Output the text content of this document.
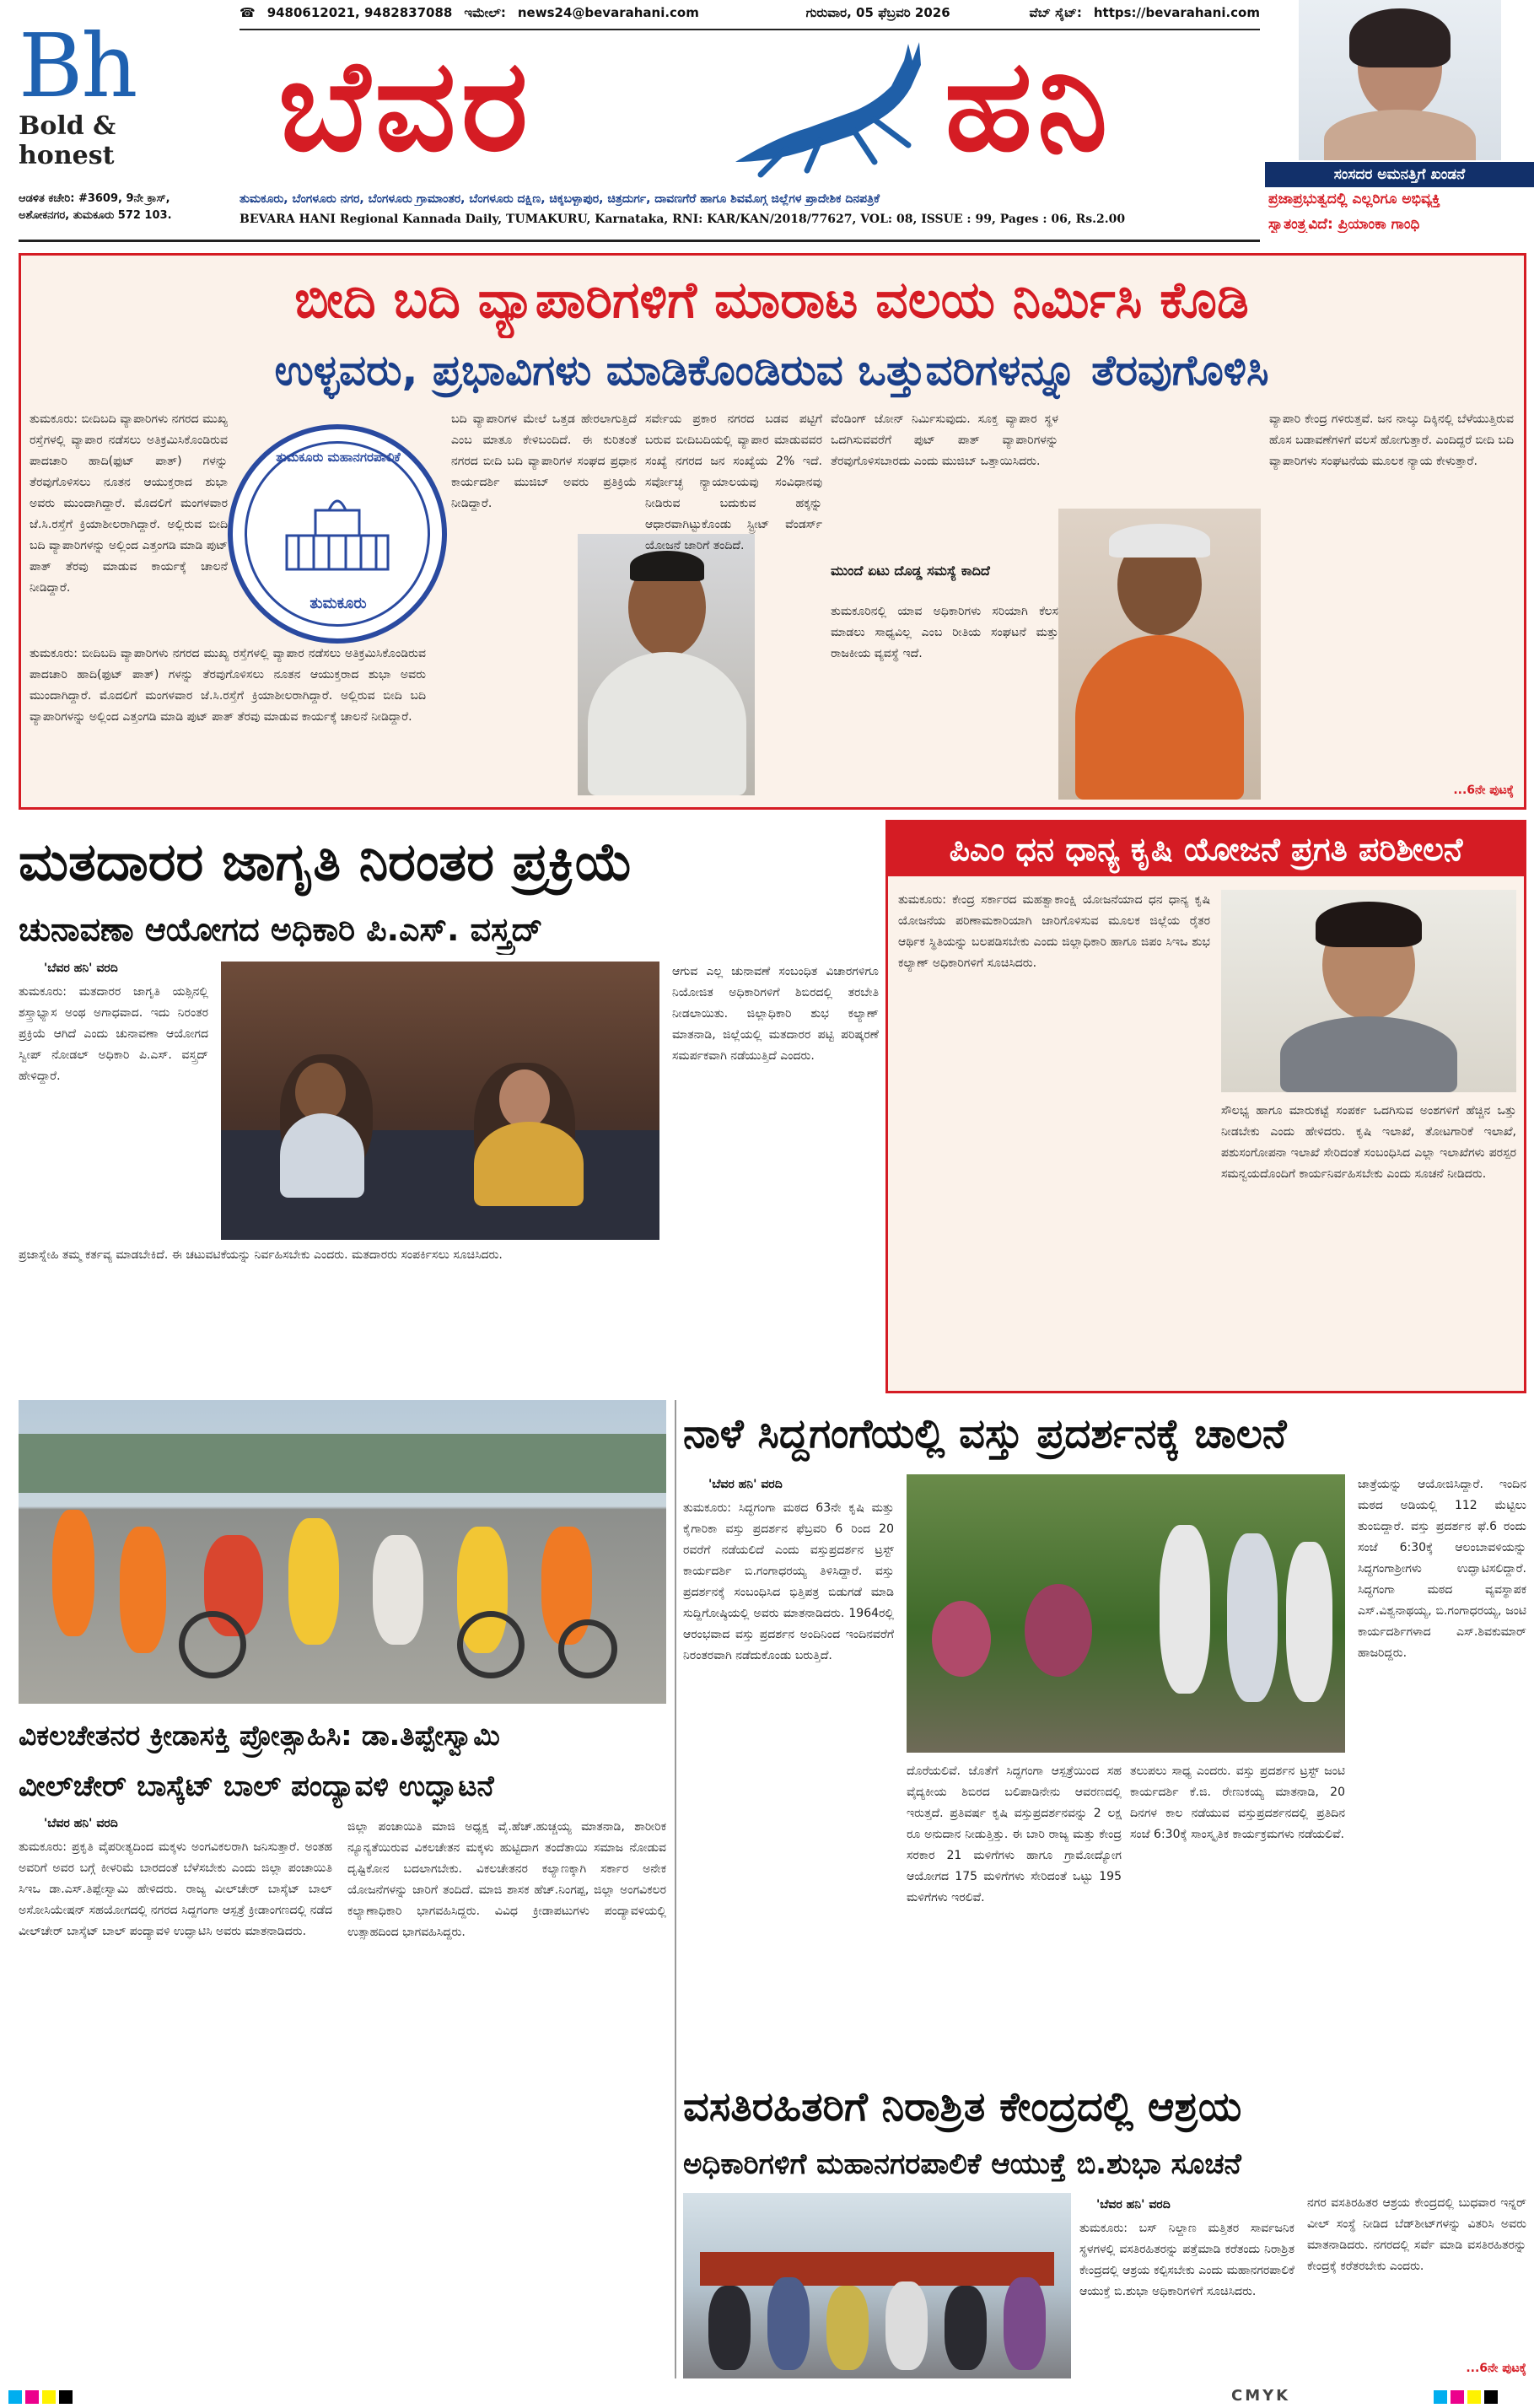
Bh
Bold & honest
☎ 9480612021, 9482837088 ಇಮೇಲ್: news24@bevarahani.com	ಗುರುವಾರ, 05 ಫೆಬ್ರವರಿ 2026	ವೆಬ್ ಸೈಟ್: https://bevarahani.com
ಬೆವರ	ಹನಿ
ಆಡಳಿತ ಕಚೇರಿ: #3609, 9ನೇ ಕ್ರಾಸ್,
ಅಶೋಕನಗರ, ತುಮಕೂರು 572 103.
ತುಮಕೂರು, ಬೆಂಗಳೂರು ನಗರ, ಬೆಂಗಳೂರು ಗ್ರಾಮಾಂತರ, ಬೆಂಗಳೂರು ದಕ್ಷಿಣ, ಚಿಕ್ಕಬಳ್ಳಾಪುರ, ಚಿತ್ರದುರ್ಗ, ದಾವಣಗೆರೆ ಹಾಗೂ ಶಿವಮೊಗ್ಗ ಜಿಲ್ಲೆಗಳ ಪ್ರಾದೇಶಿಕ ದಿನಪತ್ರಿಕೆ
BEVARA HANI Regional Kannada Daily, TUMAKURU, Karnataka, RNI: KAR/KAN/2018/77627, VOL: 08, ISSUE : 99, Pages : 06, Rs.2.00
ಸಂಸದರ ಅಮನತ್ತಿಗೆ ಖಂಡನೆ
ಪ್ರಜಾಪ್ರಭುತ್ವದಲ್ಲಿ ಎಲ್ಲರಿಗೂ ಅಭಿವ್ಯಕ್ತಿ
ಸ್ವಾತಂತ್ರ್ಯವಿದೆ: ಪ್ರಿಯಾಂಕಾ ಗಾಂಧಿ
ಬೀದಿ ಬದಿ ವ್ಯಾಪಾರಿಗಳಿಗೆ ಮಾರಾಟ ವಲಯ ನಿರ್ಮಿಸಿ ಕೊಡಿ
ಉಳ್ಳವರು, ಪ್ರಭಾವಿಗಳು ಮಾಡಿಕೊಂಡಿರುವ ಒತ್ತುವರಿಗಳನ್ನೂ ತೆರವುಗೊಳಿಸಿ
ತುಮಕೂರು ಮಹಾನಗರಪಾಲಿಕೆ
ತುಮಕೂರು
ತುಮಕೂರು: ಬೀದಿಬದಿ ವ್ಯಾಪಾರಿಗಳು ನಗರದ ಮುಖ್ಯ ರಸ್ತೆಗಳಲ್ಲಿ ವ್ಯಾಪಾರ ನಡೆಸಲು ಅತಿಕ್ರಮಿಸಿಕೊಂಡಿರುವ ಪಾದಚಾರಿ ಹಾದಿ(ಫುಟ್ ಪಾತ್) ಗಳನ್ನು ತೆರವುಗೊಳಿಸಲು ನೂತನ ಆಯುಕ್ತರಾದ ಶುಭಾ ಅವರು ಮುಂದಾಗಿದ್ದಾರೆ. ಮೊದಲಿಗೆ ಮಂಗಳವಾರ ಜೆ.ಸಿ.ರಸ್ತೆಗೆ ಕ್ರಿಯಾಶೀಲರಾಗಿದ್ದಾರೆ. ಅಲ್ಲಿರುವ ಬೀದಿ ಬದಿ ವ್ಯಾಪಾರಿಗಳನ್ನು ಅಲ್ಲಿಂದ ಎತ್ತಂಗಡಿ ಮಾಡಿ ಪುಟ್ ಪಾತ್ ತೆರವು ಮಾಡುವ ಕಾರ್ಯಕ್ಕೆ ಚಾಲನೆ ನೀಡಿದ್ದಾರೆ.
ತುಮಕೂರು: ಬೀದಿಬದಿ ವ್ಯಾಪಾರಿಗಳು ನಗರದ ಮುಖ್ಯ ರಸ್ತೆಗಳಲ್ಲಿ ವ್ಯಾಪಾರ ನಡೆಸಲು ಅತಿಕ್ರಮಿಸಿಕೊಂಡಿರುವ ಪಾದಚಾರಿ ಹಾದಿ(ಫುಟ್ ಪಾತ್) ಗಳನ್ನು ತೆರವುಗೊಳಿಸಲು ನೂತನ ಆಯುಕ್ತರಾದ ಶುಭಾ ಅವರು ಮುಂದಾಗಿದ್ದಾರೆ. ಮೊದಲಿಗೆ ಮಂಗಳವಾರ ಜೆ.ಸಿ.ರಸ್ತೆಗೆ ಕ್ರಿಯಾಶೀಲರಾಗಿದ್ದಾರೆ. ಅಲ್ಲಿರುವ ಬೀದಿ ಬದಿ ವ್ಯಾಪಾರಿಗಳನ್ನು ಅಲ್ಲಿಂದ ಎತ್ತಂಗಡಿ ಮಾಡಿ ಪುಟ್ ಪಾತ್ ತೆರವು ಮಾಡುವ ಕಾರ್ಯಕ್ಕೆ ಚಾಲನೆ ನೀಡಿದ್ದಾರೆ.
ಬದಿ ವ್ಯಾಪಾರಿಗಳ ಮೇಲೆ ಒತ್ತಡ ಹೇರಲಾಗುತ್ತಿದೆ ಎಂಬ ಮಾತೂ ಕೇಳಿಬಂದಿದೆ. ಈ ಕುರಿತಂತೆ ನಗರದ ಬೀದಿ ಬದಿ ವ್ಯಾಪಾರಿಗಳ ಸಂಘದ ಪ್ರಧಾನ ಕಾರ್ಯದರ್ಶಿ ಮುಜಿಬ್ ಅವರು ಪ್ರತಿಕ್ರಿಯೆ ನೀಡಿದ್ದಾರೆ.
ಸರ್ವೇಯ ಪ್ರಕಾರ ನಗರದ ಬಡವ ಪಟ್ಟಿಗೆ ಬರುವ ಬೀದಿಬದಿಯಲ್ಲಿ ವ್ಯಾಪಾರ ಮಾಡುವವರ ಸಂಖ್ಯೆ ನಗರದ ಜನ ಸಂಖ್ಯೆಯ 2% ಇದೆ. ಸರ್ವೋಚ್ಛ ನ್ಯಾಯಾಲಯವು ಸಂವಿಧಾನವು ನೀಡಿರುವ ಬದುಕುವ ಹಕ್ಕನ್ನು ಆಧಾರವಾಗಿಟ್ಟುಕೊಂಡು ಸ್ಟ್ರೀಟ್ ವೆಂಡರ್ಸ್ ಯೋಜನೆ ಜಾರಿಗೆ ತಂದಿದೆ.
ವೆಂಡಿಂಗ್ ಜೋನ್ ನಿರ್ಮಿಸುವುದು. ಸೂಕ್ತ ವ್ಯಾಪಾರ ಸ್ಥಳ ಒದಗಿಸುವವರೆಗೆ ಪುಟ್ ಪಾತ್ ವ್ಯಾಪಾರಿಗಳನ್ನು ತೆರವುಗೊಳಿಸಬಾರದು ಎಂದು ಮುಜಿಬ್ ಒತ್ತಾಯಿಸಿದರು.
ಮುಂದೆ ಏಟು ದೊಡ್ಡ ಸಮಸ್ಯೆ ಕಾದಿದೆ
ತುಮಕೂರಿನಲ್ಲಿ ಯಾವ ಅಧಿಕಾರಿಗಳು ಸರಿಯಾಗಿ ಕೆಲಸ ಮಾಡಲು ಸಾಧ್ಯವಿಲ್ಲ ಎಂಬ ರೀತಿಯ ಸಂಘಟನೆ ಮತ್ತು ರಾಜಕೀಯ ವ್ಯವಸ್ಥೆ ಇದೆ.
ವ್ಯಾಪಾರಿ ಕೇಂದ್ರ ಗಳಿರುತ್ತವೆ. ಜನ ನಾಲ್ಕು ದಿಕ್ಕಿನಲ್ಲಿ ಬೆಳೆಯುತ್ತಿರುವ ಹೊಸ ಬಡಾವಣೆಗಳಿಗೆ ವಲಸೆ ಹೋಗುತ್ತಾರೆ. ಎಂದಿದ್ದರೆ ಬೀದಿ ಬದಿ ವ್ಯಾಪಾರಿಗಳು ಸಂಘಟನೆಯ ಮೂಲಕ ನ್ಯಾಯ ಕೇಳುತ್ತಾರೆ.
...6ನೇ ಪುಟಕ್ಕೆ
ಮತದಾರರ ಜಾಗೃತಿ ನಿರಂತರ ಪ್ರಕ್ರಿಯೆ
ಚುನಾವಣಾ ಆಯೋಗದ ಅಧಿಕಾರಿ ಪಿ.ಎಸ್. ವಸ್ತ್ರದ್
'ಬೆವರ ಹನಿ' ವರದಿ
ತುಮಕೂರು: ಮತದಾರರ ಜಾಗೃತಿ ಯಶ್ಸಿನಲ್ಲಿ ಶಸ್ತ್ರಾಭ್ಯಾಸ ಅಂಥ ಅಗಾಧವಾದ. ಇದು ನಿರಂತರ ಪ್ರಕ್ರಿಯೆ ಆಗಿದೆ ಎಂದು ಚುನಾವಣಾ ಆಯೋಗದ ಸ್ವೀಪ್ ನೋಡಲ್ ಅಧಿಕಾರಿ ಪಿ.ಎಸ್. ವಸ್ತ್ರದ್ ಹೇಳಿದ್ದಾರೆ.
ಪ್ರಜಾಸ್ನೇಹಿ ತಮ್ಮ ಕರ್ತವ್ಯ ಮಾಡಬೇಕಿದೆ. ಈ ಚಟುವಟಿಕೆಯನ್ನು ನಿರ್ವಹಿಸಬೇಕು ಎಂದರು. ಮತದಾರರು ಸಂಪರ್ಕಿಸಲು ಸೂಚಿಸಿದರು.
ಆಗುವ ಎಲ್ಲ ಚುನಾವಣೆ ಸಂಬಂಧಿತ ವಿಚಾರಗಳಿಗೂ ನಿಯೋಜಿತ ಅಧಿಕಾರಿಗಳಿಗೆ ಶಿಬಿರದಲ್ಲಿ ತರಬೇತಿ ನೀಡಲಾಯಿತು. ಜಿಲ್ಲಾಧಿಕಾರಿ ಶುಭ ಕಲ್ಯಾಣ್ ಮಾತನಾಡಿ, ಜಿಲ್ಲೆಯಲ್ಲಿ ಮತದಾರರ ಪಟ್ಟಿ ಪರಿಷ್ಕರಣೆ ಸಮರ್ಪಕವಾಗಿ ನಡೆಯುತ್ತಿದೆ ಎಂದರು.
ಪಿಎಂ ಧನ ಧಾನ್ಯ ಕೃಷಿ ಯೋಜನೆ ಪ್ರಗತಿ ಪರಿಶೀಲನೆ
ತುಮಕೂರು: ಕೇಂದ್ರ ಸರ್ಕಾರದ ಮಹತ್ವಾಕಾಂಕ್ಷಿ ಯೋಜನೆಯಾದ ಧನ ಧಾನ್ಯ ಕೃಷಿ ಯೋಜನೆಯ ಪರಿಣಾಮಕಾರಿಯಾಗಿ ಜಾರಿಗೊಳಿಸುವ ಮೂಲಕ ಜಿಲ್ಲೆಯ ರೈತರ ಆರ್ಥಿಕ ಸ್ಥಿತಿಯನ್ನು ಬಲಪಡಿಸಬೇಕು ಎಂದು ಜಿಲ್ಲಾಧಿಕಾರಿ ಹಾಗೂ ಜಿಪಂ ಸಿಇಒ ಶುಭ ಕಲ್ಯಾಣ್ ಅಧಿಕಾರಿಗಳಿಗೆ ಸೂಚಿಸಿದರು.
ಸೌಲಭ್ಯ ಹಾಗೂ ಮಾರುಕಟ್ಟೆ ಸಂಪರ್ಕ ಒದಗಿಸುವ ಅಂಶಗಳಿಗೆ ಹೆಚ್ಚಿನ ಒತ್ತು ನೀಡಬೇಕು ಎಂದು ಹೇಳಿದರು. ಕೃಷಿ ಇಲಾಖೆ, ತೋಟಗಾರಿಕೆ ಇಲಾಖೆ, ಪಶುಸಂಗೋಪನಾ ಇಲಾಖೆ ಸೇರಿದಂತೆ ಸಂಬಂಧಿಸಿದ ಎಲ್ಲಾ ಇಲಾಖೆಗಳು ಪರಸ್ಪರ ಸಮನ್ವಯದೊಂದಿಗೆ ಕಾರ್ಯನಿರ್ವಹಿಸಬೇಕು ಎಂದು ಸೂಚನೆ ನೀಡಿದರು.
ವಿಕಲಚೇತನರ ಕ್ರೀಡಾಸಕ್ತಿ ಪ್ರೋತ್ಸಾಹಿಸಿ: ಡಾ.ತಿಪ್ಪೇಸ್ವಾಮಿ
ವೀಲ್‌ಚೇರ್ ಬಾಸ್ಕೆಟ್ ಬಾಲ್ ಪಂದ್ಯಾವಳಿ ಉದ್ಘಾಟನೆ
'ಬೆವರ ಹನಿ' ವರದಿ
ತುಮಕೂರು: ಪ್ರಕೃತಿ ವೈಪರೀತ್ಯದಿಂದ ಮಕ್ಕಳು ಅಂಗವಿಕಲರಾಗಿ ಜನಿಸುತ್ತಾರೆ. ಅಂತಹ ಅವರಿಗೆ ಅವರ ಬಗ್ಗೆ ಕೀಳರಿಮೆ ಬಾರದಂತೆ ಬೆಳೆಸಬೇಕು ಎಂದು ಜಿಲ್ಲಾ ಪಂಚಾಯಿತಿ ಸಿಇಒ ಡಾ.ಎಸ್.ತಿಪ್ಪೇಸ್ವಾಮಿ ಹೇಳಿದರು. ರಾಜ್ಯ ವೀಲ್‌ಚೇರ್ ಬಾಸ್ಕೆಟ್ ಬಾಲ್ ಅಸೋಸಿಯೇಷನ್ ಸಹಯೋಗದಲ್ಲಿ ನಗರದ ಸಿದ್ದಗಂಗಾ ಆಸ್ಪತ್ರೆ ಕ್ರೀಡಾಂಗಣದಲ್ಲಿ ನಡೆದ ವೀಲ್‌ಚೇರ್ ಬಾಸ್ಕೆಟ್ ಬಾಲ್ ಪಂದ್ಯಾವಳಿ ಉದ್ಘಾಟಿಸಿ ಅವರು ಮಾತನಾಡಿದರು.
ಜಿಲ್ಲಾ ಪಂಚಾಯಿತಿ ಮಾಜಿ ಅಧ್ಯಕ್ಷ ವೈ.ಹೆಚ್.ಹುಚ್ಚಯ್ಯ ಮಾತನಾಡಿ, ಶಾರೀರಿಕ ನ್ಯೂನ್ಯತೆಯಿರುವ ವಿಕಲಚೇತನ ಮಕ್ಕಳು ಹುಟ್ಟಿದಾಗ ತಂದೆತಾಯಿ ಸಮಾಜ ನೋಡುವ ದೃಷ್ಟಿಕೋನ ಬದಲಾಗಬೇಕು. ವಿಕಲಚೇತನರ ಕಲ್ಯಾಣಕ್ಕಾಗಿ ಸರ್ಕಾರ ಅನೇಕ ಯೋಜನೆಗಳನ್ನು ಜಾರಿಗೆ ತಂದಿದೆ. ಮಾಜಿ ಶಾಸಕ ಹೆಚ್.ನಿಂಗಪ್ಪ, ಜಿಲ್ಲಾ ಅಂಗವಿಕಲರ ಕಲ್ಯಾಣಾಧಿಕಾರಿ ಭಾಗವಹಿಸಿದ್ದರು. ವಿವಿಧ ಕ್ರೀಡಾಪಟುಗಳು ಪಂದ್ಯಾವಳಿಯಲ್ಲಿ ಉತ್ಸಾಹದಿಂದ ಭಾಗವಹಿಸಿದ್ದರು.
ನಾಳೆ ಸಿದ್ದಗಂಗೆಯಲ್ಲಿ ವಸ್ತು ಪ್ರದರ್ಶನಕ್ಕೆ ಚಾಲನೆ
'ಬೆವರ ಹನಿ' ವರದಿ
ತುಮಕೂರು: ಸಿದ್ಧಗಂಗಾ ಮಠದ 63ನೇ ಕೃಷಿ ಮತ್ತು ಕೈಗಾರಿಕಾ ವಸ್ತು ಪ್ರದರ್ಶನ ಫೆಬ್ರವರಿ 6 ರಿಂದ 20 ರವರೆಗೆ ನಡೆಯಲಿದೆ ಎಂದು ವಸ್ತುಪ್ರದರ್ಶನ ಟ್ರಸ್ಟ್ ಕಾರ್ಯದರ್ಶಿ ಬಿ.ಗಂಗಾಧರಯ್ಯ ತಿಳಿಸಿದ್ದಾರೆ. ವಸ್ತು ಪ್ರದರ್ಶನಕ್ಕೆ ಸಂಬಂಧಿಸಿದ ಭಿತ್ತಿಪತ್ರ ಬಿಡುಗಡೆ ಮಾಡಿ ಸುದ್ದಿಗೋಷ್ಠಿಯಲ್ಲಿ ಅವರು ಮಾತನಾಡಿದರು. 1964ರಲ್ಲಿ ಆರಂಭವಾದ ವಸ್ತು ಪ್ರದರ್ಶನ ಅಂದಿನಿಂದ ಇಂದಿನವರೆಗೆ ನಿರಂತರವಾಗಿ ನಡೆದುಕೊಂಡು ಬರುತ್ತಿದೆ.
ದೊರೆಯಲಿವೆ. ಜೊತೆಗೆ ಸಿದ್ಧಗಂಗಾ ಆಸ್ಪತ್ರೆಯಿಂದ ಸಹ ವೈದ್ಯಕೀಯ ಶಿಬಿರದ ಬಲಿಪಾಡಿನೇನು ಆವರಣದಲ್ಲಿ ಇರುತ್ತದೆ. ಪ್ರತಿವರ್ಷ ಕೃಷಿ ವಸ್ತುಪ್ರದರ್ಶನವನ್ನು 2 ಲಕ್ಷ ರೂ ಅನುದಾನ ನೀಡುತ್ತಿತ್ತು. ಈ ಬಾರಿ ರಾಜ್ಯ ಮತ್ತು ಕೇಂದ್ರ ಸರಕಾರ 21 ಮಳಿಗೆಗಳು ಹಾಗೂ ಗ್ರಾಮೋದ್ಯೋಗ ಆಯೋಗದ 175 ಮಳಿಗೆಗಳು ಸೇರಿದಂತೆ ಒಟ್ಟು 195 ಮಳಿಗೆಗಳು ಇರಲಿವೆ.
ತಲುಪಲು ಸಾಧ್ಯ ಎಂದರು. ವಸ್ತು ಪ್ರದರ್ಶನ ಟ್ರಸ್ಟ್ ಜಂಟಿ ಕಾರ್ಯದರ್ಶಿ ಕೆ.ಜಿ. ರೇಣುಕಯ್ಯ ಮಾತನಾಡಿ, 20 ದಿನಗಳ ಕಾಲ ನಡೆಯುವ ವಸ್ತುಪ್ರದರ್ಶನದಲ್ಲಿ ಪ್ರತಿದಿನ ಸಂಜೆ 6:30ಕ್ಕೆ ಸಾಂಸ್ಕೃತಿಕ ಕಾರ್ಯಕ್ರಮಗಳು ನಡೆಯಲಿವೆ.
ಜಾತ್ರೆಯನ್ನು ಆಯೋಜಿಸಿದ್ದಾರೆ. ಇಂದಿನ ಮಠದ ಅಡಿಯಲ್ಲಿ 112 ಮೆಟ್ಟಿಲು ತುಂಬಿದ್ದಾರೆ. ವಸ್ತು ಪ್ರದರ್ಶನ ಫೆ.6 ರಂದು ಸಂಜೆ 6:30ಕ್ಕೆ ಆಲಂಬಾವಳಿಯನ್ನು ಸಿದ್ಧಗಂಗಾಶ್ರೀಗಳು ಉದ್ಘಾಟಿಸಲಿದ್ದಾರೆ. ಸಿದ್ಧಗಂಗಾ ಮಠದ ವ್ಯವಸ್ಥಾಪಕ ಎಸ್.ವಿಶ್ವನಾಥಯ್ಯ, ಬಿ.ಗಂಗಾಧರಯ್ಯ, ಜಂಟಿ ಕಾರ್ಯದರ್ಶಿಗಳಾದ ಎಸ್.ಶಿವಕುಮಾರ್ ಹಾಜರಿದ್ದರು.
ವಸತಿರಹಿತರಿಗೆ ನಿರಾಶ್ರಿತ ಕೇಂದ್ರದಲ್ಲಿ ಆಶ್ರಯ
ಅಧಿಕಾರಿಗಳಿಗೆ ಮಹಾನಗರಪಾಲಿಕೆ ಆಯುಕ್ತೆ ಬಿ.ಶುಭಾ ಸೂಚನೆ
'ಬೆವರ ಹನಿ' ವರದಿ
ತುಮಕೂರು: ಬಸ್ ನಿಲ್ದಾಣ ಮತ್ತಿತರ ಸಾರ್ವಜನಿಕ ಸ್ಥಳಗಳಲ್ಲಿ ವಸತಿರಹಿತರನ್ನು ಪತ್ತೆಮಾಡಿ ಕರೆತಂದು ನಿರಾಶ್ರಿತ ಕೇಂದ್ರದಲ್ಲಿ ಆಶ್ರಯ ಕಲ್ಪಿಸಬೇಕು ಎಂದು ಮಹಾನಗರಪಾಲಿಕೆ ಆಯುಕ್ತೆ ಬಿ.ಶುಭಾ ಅಧಿಕಾರಿಗಳಿಗೆ ಸೂಚಿಸಿದರು.
ನಗರ ವಸತಿರಹಿತರ ಆಶ್ರಯ ಕೇಂದ್ರದಲ್ಲಿ ಬುಧವಾರ ಇನ್ನರ್ ವೀಲ್ ಸಂಸ್ಥೆ ನೀಡಿದ ಬೆಡ್‌ಶೀಟ್‌ಗಳನ್ನು ವಿತರಿಸಿ ಅವರು ಮಾತನಾಡಿದರು. ನಗರದಲ್ಲಿ ಸರ್ವೆ ಮಾಡಿ ವಸತಿರಹಿತರನ್ನು ಕೇಂದ್ರಕ್ಕೆ ಕರೆತರಬೇಕು ಎಂದರು.
...6ನೇ ಪುಟಕ್ಕೆ
CMYK
